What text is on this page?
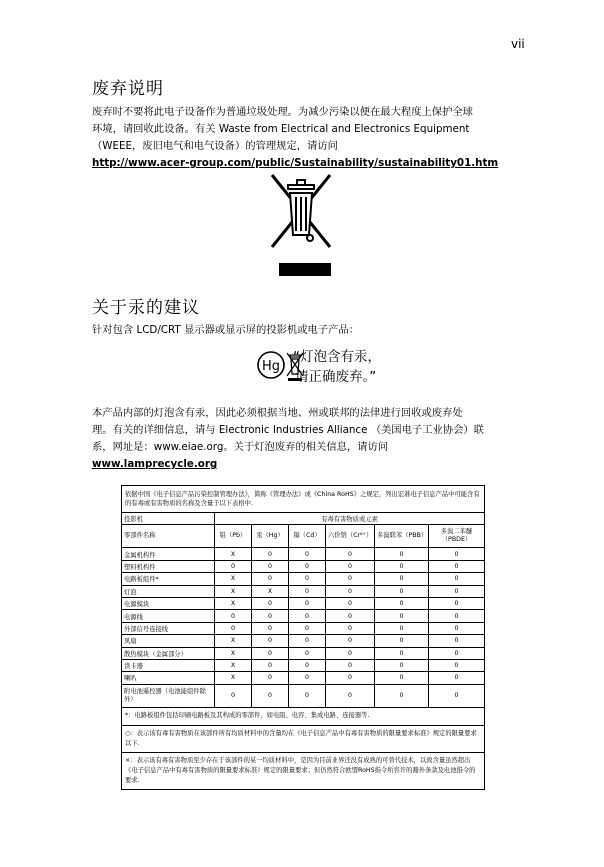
vii
废弃说明
废弃时不要将此电子设备作为普通垃圾处理。为减少污染以便在最大程度上保护全球
环境，请回收此设备。有关 Waste from Electrical and Electronics Equipment
（WEEE，废旧电气和电气设备）的管理规定，请访问
http://www.acer-group.com/public/Sustainability/sustainability01.htm
关于汞的建议
针对包含 LCD/CRT 显示器或显示屏的投影机或电子产品：
Hg
“灯泡含有汞，
请正确废弃。”
本产品内部的灯泡含有汞，因此必须根据当地、州或联邦的法律进行回收或废弃处
理。有关的详细信息，请与 Electronic Industries Alliance （美国电子工业协会）联
系，网址是：www.eiae.org。关于灯泡废弃的相关信息，请访问
www.lamprecycle.org
依据中国《电子信息产品污染控制管理办法》，简称《管理办法》或《China RoHS》之规定，列出宏碁电子信息产品中可能含有的有毒或有害物质的名称及含量于以下表格中.						
投影机	有毒有害物质或元素					
零部件名称	铅（Pb）	汞（Hg）	镉（Cd）	六价铬（Cr⁶⁺）	多溴联苯（PBB）	多溴二苯醚（PBDE）
金属机构件	X	0	0	0	0	0
塑料机构件	0	0	0	0	0	0
电路板组件*	X	0	0	0	0	0
灯泡	X	X	0	0	0	0
电源模块	X	0	0	0	0	0
电源线	0	0	0	0	0	0
外部信号连接线	0	0	0	0	0	0
风扇	X	0	0	0	0	0
散热模块（金属部分）	X	0	0	0	0	0
读卡器	X	0	0	0	0	0
喇叭	X	0	0	0	0	0
附电池遥控器（电池能组件除外）	0	0	0	0	0	0
*：电路板组件包括印刷电路板及其构成的零部件，如电阻、电容、集成电路、连接器等.						
○：表示该有毒有害物质在该部件所有均质材料中的含量均在《电子信息产品中有毒有害物质的限量要求标准》规定的限量要求以下.						
×：表示该有毒有害物质至少存在于该部件的某一均质材料中，是因为目前业界还没有成熟的可替代技术，以致含量虽然超出《电子信息产品中有毒有害物质的限量要求标准》规定的限量要求；但仍然符合欧盟RoHS指令所容许的豁外条款及电池指令的要求.						
